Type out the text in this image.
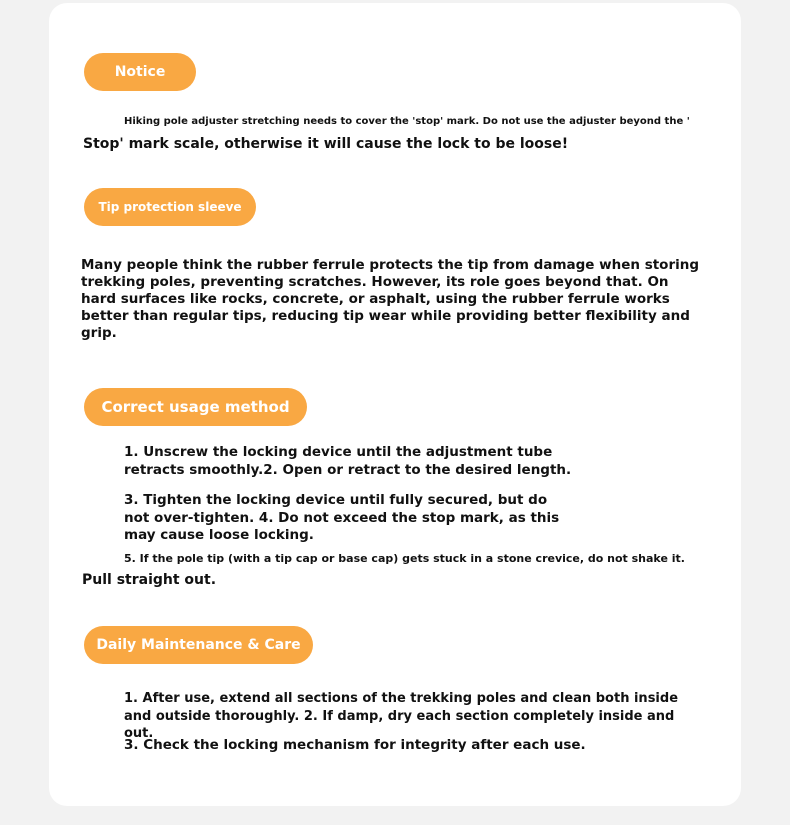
Notice

Hiking pole adjuster stretching needs to cover the 'stop' mark. Do not use the adjuster beyond the '

Stop' mark scale, otherwise it will cause the lock to be loose!

Tip protection sleeve

Many people think the rubber ferrule protects the tip from damage when storing trekking poles, preventing scratches. However, its role goes beyond that. On hard surfaces like rocks, concrete, or asphalt, using the rubber ferrule works better than regular tips, reducing tip wear while providing better flexibility and grip.

Correct usage method

1. Unscrew the locking device until the adjustment tube retracts smoothly.2. Open or retract to the desired length.

3. Tighten the locking device until fully secured, but do not over-tighten. 4. Do not exceed the stop mark, as this may cause loose locking.

5. If the pole tip (with a tip cap or base cap) gets stuck in a stone crevice, do not shake it.

Pull straight out.

Daily Maintenance & Care

1. After use, extend all sections of the trekking poles and clean both inside and outside thoroughly. 2. If damp, dry each section completely inside and out.

3. Check the locking mechanism for integrity after each use.
